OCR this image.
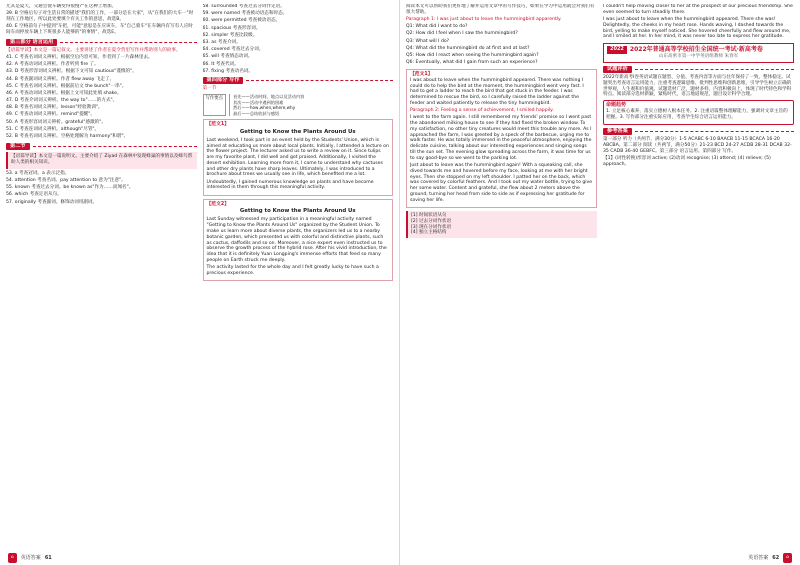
尤其是夏天，交通会使车辆变得很慢?"在这种上增加。

39. B 空格后句子对生活日常的描述"我们的工作，一部分是在大家"，从"在我们的大车一"时刻在工作地区，所以此处要填个有关工作的意思，故选B。

40. E 空格前句子中提到"车把，可能"意思是在应该车，车"自己骑车"在车辆内有写有人应时间车而停放车辆上下班很多人能够的"的事情"，故选E。

第三部分 语言运用

【语篇导读】本文是一篇记叙文。主要讲述了作者在夏令营里写作并帮助别人的故事。

41. C 考查名词词义辨析。根据空后内容可知，作者到了一片森林里去。

42. A 考查动词词义辨析。作者听到 fire 了。

43. D 考查形容词词义辨析。根据下文可知 cautious"谨慎的"。

44. B 考查副词词义辨析。作者 flew away 飞走了。

45. C 考查名词词义辨析。根据前后文 the bunch"一串"。

46. A 考查动词词义辨析。根据上文可知此处填 shake。

47. D 考查介词词义辨析。the way to"……的方式"。

48. B 考查名词词义辨析。lesson"经验教训"。

49. C 考查动词词义辨析。remind"提醒"。

50. A 考查形容词词义辨析。grateful"感激的"。

51. C 考查连词词义辨析。although"尽管"。

52. B 考查名词词义辨析。空格处理解为 harmony"和谐"。

第二节

【语篇导读】本文是一篇说明文。主要介绍了 Ziyad 在森林中发现蜂巢的事情以及蜂鸟帮助人类的相关知识。

53. a 考查冠词。a 表示泛指。

54. attention 考查名词。pay attention to 意为"注意"。

55. known 考查过去分词。be known as"作为……而闻名"。

56. which 考查定语从句。

57. originally 考查副词。修饰动词用副词。

58. surrounded 考查过去分词作定语。

59. were named 考查被动语态和时态。

60. were permitted 考查被动语态。

61. spacious 考查形容词。

62. simpler 考查比较级。

63. as 考查介词。

64. covered 考查过去分词。

65. will 考查情态动词。

66. It 考查代词。

67. fixing 考查动名词。

第四部分 写作

第一节

写作要点	首先——活动时间、地点以及活动内容
其次——活动中遇到的困难
然后——how,when,where,why
最后——总结收获与感悟
【范文1】
Getting to Know the Plants Around Us

Last weekend, I took part in an event held by the Students' Union, which is aimed at educating us more about local plants. Initially, I attended a lecture on the flower project. The lecturer asked us to write a review on it. Since tulips are my favorite plant, I did well and got praised. Additionally, I visited the desert exhibition. Learning more from it, I came to understand why cactuses and other dry plants have sharp leaves. Ultimately, I was introduced to a brochure about trees we usually see in life, which benefited me a lot.

Undoubtedly, I gained numerous knowledge on plants and have become interested in them through this meaningful activity.

【范文2】
Getting to Know the Plants Around Us

Last Sunday witnessed my participation in a meaningful activity named "Getting to Know the Plants Around Us" organized by the Student Union. To make us learn more about diverse plants, the organizers led us to a nearby botanic garden, which presented us with colorful and distinctive plants, such as cactus, daffodils and so on. Moreover, a nice expert even instructed us to observe the growth process of the hybrid rose. After his vivid introduction, the idea that it is definitely Yuan Longping's immense efforts that feed so many people on Earth struck me deeply.

The activity lasted for the whole day and I felt greatly lucky to have such a precious experience.

⌂	英语答案 61

阅读本文可以帮助我们更好地了解并运用文章中的写作技巧，如果在学习中运用就会对我们有很大帮助。

Paragraph 1: I was just about to leave the hummingbird apparently.

Q1: What did I want to do?

Q2: How did I feel when I saw the hummingbird?

Q3: What will I do?

Q4: What did the hummingbird do at first and at last?

Q5: How did I react when seeing the hummingbird again?

Q6: Eventually, what did I gain from such an experience?

【范文1】

I was about to leave when the hummingbird appeared. There was nothing I could do to help the bird at the moment, the hummingbird went very fast. I had to get a ladder to reach the bird that got stuck in the feeder. I was determined to rescue the bird, so I carefully raised the ladder against the feeder and waited patiently to release the tiny hummingbird.

Paragraph 2: Feeling a sense of achievement, I smiled happily.

I went to the farm again. I still remembered my friends' promise so I went past the abandoned milking house to see if they had fixed the broken window. To my satisfaction, no other tiny creatures would meet this trouble any more. As I approached the farm, I was greeted by a speck of the barbecue, urging me to walk faster. He was totally immersed in the peaceful atmosphere, enjoying the delicate cuisine, talking about our interesting experiences and singing songs till the sun set. The evening glow spreading across the farm, it was time for us to say good-bye so we went to the parking lot.

Just about to leave was the hummingbird again! With a squeaking call, she dived towards me and hovered before my face, looking at me with her bright eyes. Then she stopped on my left shoulder. I patted her on the back, which was covered by colorful feathers. And I took out my water bottle, trying to give her some water. Content and grateful, she flew about 2 meters above the ground, turning her head from side to side as if expressing her gratitude for saving her life.

[1] 时间状语从句
[2] 过去分词作状语
[3] 现在分词作状语
[4] 独立主格结构

I couldn't help moving closer to her at the prospect of our precious friendship. She even seemed to turn steadily there.

I was just about to leave when the hummingbird appeared. There she was! Delightedly, the cheeks in my heart rose. Hands waving, I dashed towards the bird, yelling to make myself noticed. She hovered cheerfully and flew around me, and I smiled at her. In her mind, it was never too late to express her gratitude.

2022	2022年普通高等学校招生全国统一考试·新高考卷
山东高密市第一中学英语组教师 朱春军
试题评析

2022年新高考I卷英语试题在题型、分值、考查内容等方面与往年保持了一致，整体稳定。试题突出考查语言运用能力，注重考查逻辑思维、批判性思维和创新思维，引导学生树立正确的世界观、人生观和价值观。试题选材广泛，题材多样，内容积极向上，体现了时代特色和学科特点。阅读部分选材新颖，紧贴时代，语言地道规范，题目设计科学合理。

命题趋势

1. 立足核心素养，落实立德树人根本任务。2. 注重语篇整体理解能力，强调对文章主旨的把握。3. 写作部分注重实际应用，考查学生综合语言运用能力。

参考答案

第一部分 听力（共两节，满分30分）1-5 ACABC 6-10 BAACB 11-15 BCACA 16-20 ABCBA。第二部分 阅读（共两节，满分50分）21-23 BCD 24-27 ACDB 28-31 DCAB 32-35 CADB 36-40 GEBFC。第三部分 语言运用。第四部分 写作。

【1】(词性转换)形容词 active; (2)动词 recognise; (3) attend; (4) relieve; (5) approach。

英语答案 62	⌂
